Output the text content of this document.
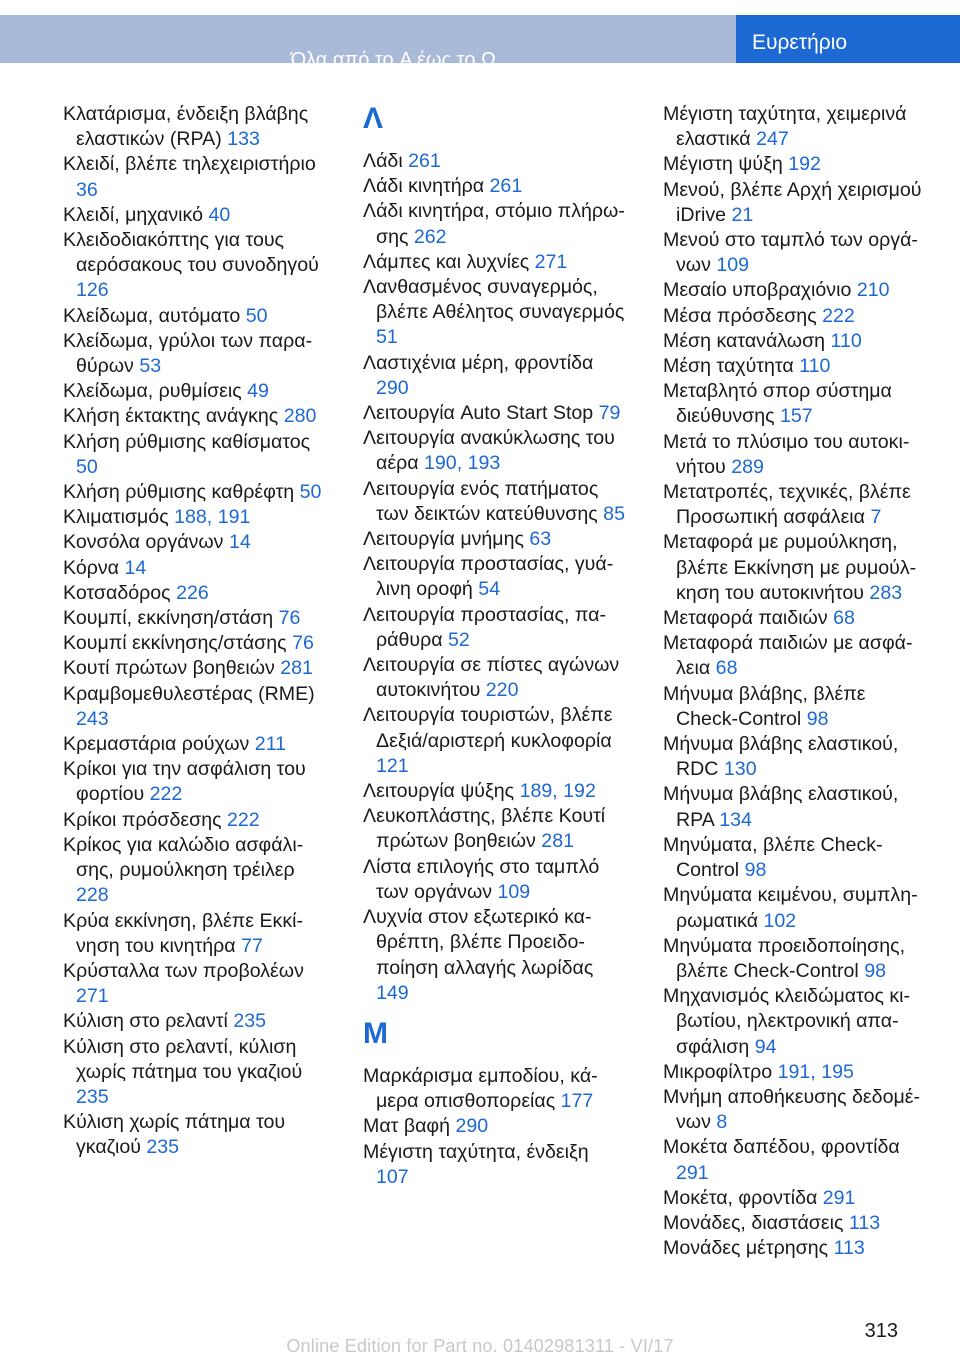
Όλα από το A έως το Ω
Ευρετήριο
Κλατάρισμα, ένδειξη βλάβης ελαστικών (RPA) 133
Κλειδί, βλέπε τηλεχειριστήριο 36
Κλειδί, μηχανικό 40
Κλειδοδιακόπτης για τους αερόσακους του συνοδηγού 126
Κλείδωμα, αυτόματο 50
Κλείδωμα, γρύλοι των παραθύρων 53
Κλείδωμα, ρυθμίσεις 49
Κλήση έκτακτης ανάγκης 280
Κλήση ρύθμισης καθίσματος 50
Κλήση ρύθμισης καθρέφτη 50
Κλιματισμός 188, 191
Κονσόλα οργάνων 14
Κόρνα 14
Κοτσαδόρος 226
Κουμπί, εκκίνηση/στάση 76
Κουμπί εκκίνησης/στάσης 76
Κουτί πρώτων βοηθειών 281
Κραμβομεθυλεστέρας (RME) 243
Κρεμαστάρια ρούχων 211
Κρίκοι για την ασφάλιση του φορτίου 222
Κρίκοι πρόσδεσης 222
Κρίκος για καλώδιο ασφάλισης, ρυμούλκηση τρέιλερ 228
Κρύα εκκίνηση, βλέπε Εκκίνηση του κινητήρα 77
Κρύσταλλα των προβολέων 271
Κύλιση στο ρελαντί 235
Κύλιση στο ρελαντί, κύλιση χωρίς πάτημα του γκαζιού 235
Κύλιση χωρίς πάτημα του γκαζιού 235
Λ
Λάδι 261
Λάδι κινητήρα 261
Λάδι κινητήρα, στόμιο πλήρωσης 262
Λάμπες και λυχνίες 271
Λανθασμένος συναγερμός, βλέπε Αθέλητος συναγερμός 51
Λαστιχένια μέρη, φροντίδα 290
Λειτουργία Auto Start Stop 79
Λειτουργία ανακύκλωσης του αέρα 190, 193
Λειτουργία ενός πατήματος των δεικτών κατεύθυνσης 85
Λειτουργία μνήμης 63
Λειτουργία προστασίας, γυάλινη οροφή 54
Λειτουργία προστασίας, παράθυρα 52
Λειτουργία σε πίστες αγώνων αυτοκινήτου 220
Λειτουργία τουριστών, βλέπε Δεξιά/αριστερή κυκλοφορία 121
Λειτουργία ψύξης 189, 192
Λευκοπλάστης, βλέπε Κουτί πρώτων βοηθειών 281
Λίστα επιλογής στο ταμπλό των οργάνων 109
Λυχνία στον εξωτερικό καθρέπτη, βλέπε Προειδοποίηση αλλαγής λωρίδας 149
Μ
Μαρκάρισμα εμποδίου, κάμερα οπισθοπορείας 177
Ματ βαφή 290
Μέγιστη ταχύτητα, ένδειξη 107
Μέγιστη ταχύτητα, χειμερινά ελαστικά 247
Μέγιστη ψύξη 192
Μενού, βλέπε Αρχή χειρισμού iDrive 21
Μενού στο ταμπλό των οργάνων 109
Μεσαίο υποβραχιόνιο 210
Μέσα πρόσδεσης 222
Μέση κατανάλωση 110
Μέση ταχύτητα 110
Μεταβλητό σπορ σύστημα διεύθυνσης 157
Μετά το πλύσιμο του αυτοκινήτου 289
Μετατροπές, τεχνικές, βλέπε Προσωπική ασφάλεια 7
Μεταφορά με ρυμούλκηση, βλέπε Εκκίνηση με ρυμούλκηση του αυτοκινήτου 283
Μεταφορά παιδιών 68
Μεταφορά παιδιών με ασφάλεια 68
Μήνυμα βλάβης, βλέπε Check-Control 98
Μήνυμα βλάβης ελαστικού, RDC 130
Μήνυμα βλάβης ελαστικού, RPA 134
Μηνύματα, βλέπε Check-Control 98
Μηνύματα κειμένου, συμπληρωματικά 102
Μηνύματα προειδοποίησης, βλέπε Check-Control 98
Μηχανισμός κλειδώματος κιβωτίου, ηλεκτρονική απασφάλιση 94
Μικροφίλτρο 191, 195
Μνήμη αποθήκευσης δεδομένων 8
Μοκέτα δαπέδου, φροντίδα 291
Μοκέτα, φροντίδα 291
Μονάδες, διαστάσεις 113
Μονάδες μέτρησης 113
313
Online Edition for Part no. 01402981311 - VI/17
